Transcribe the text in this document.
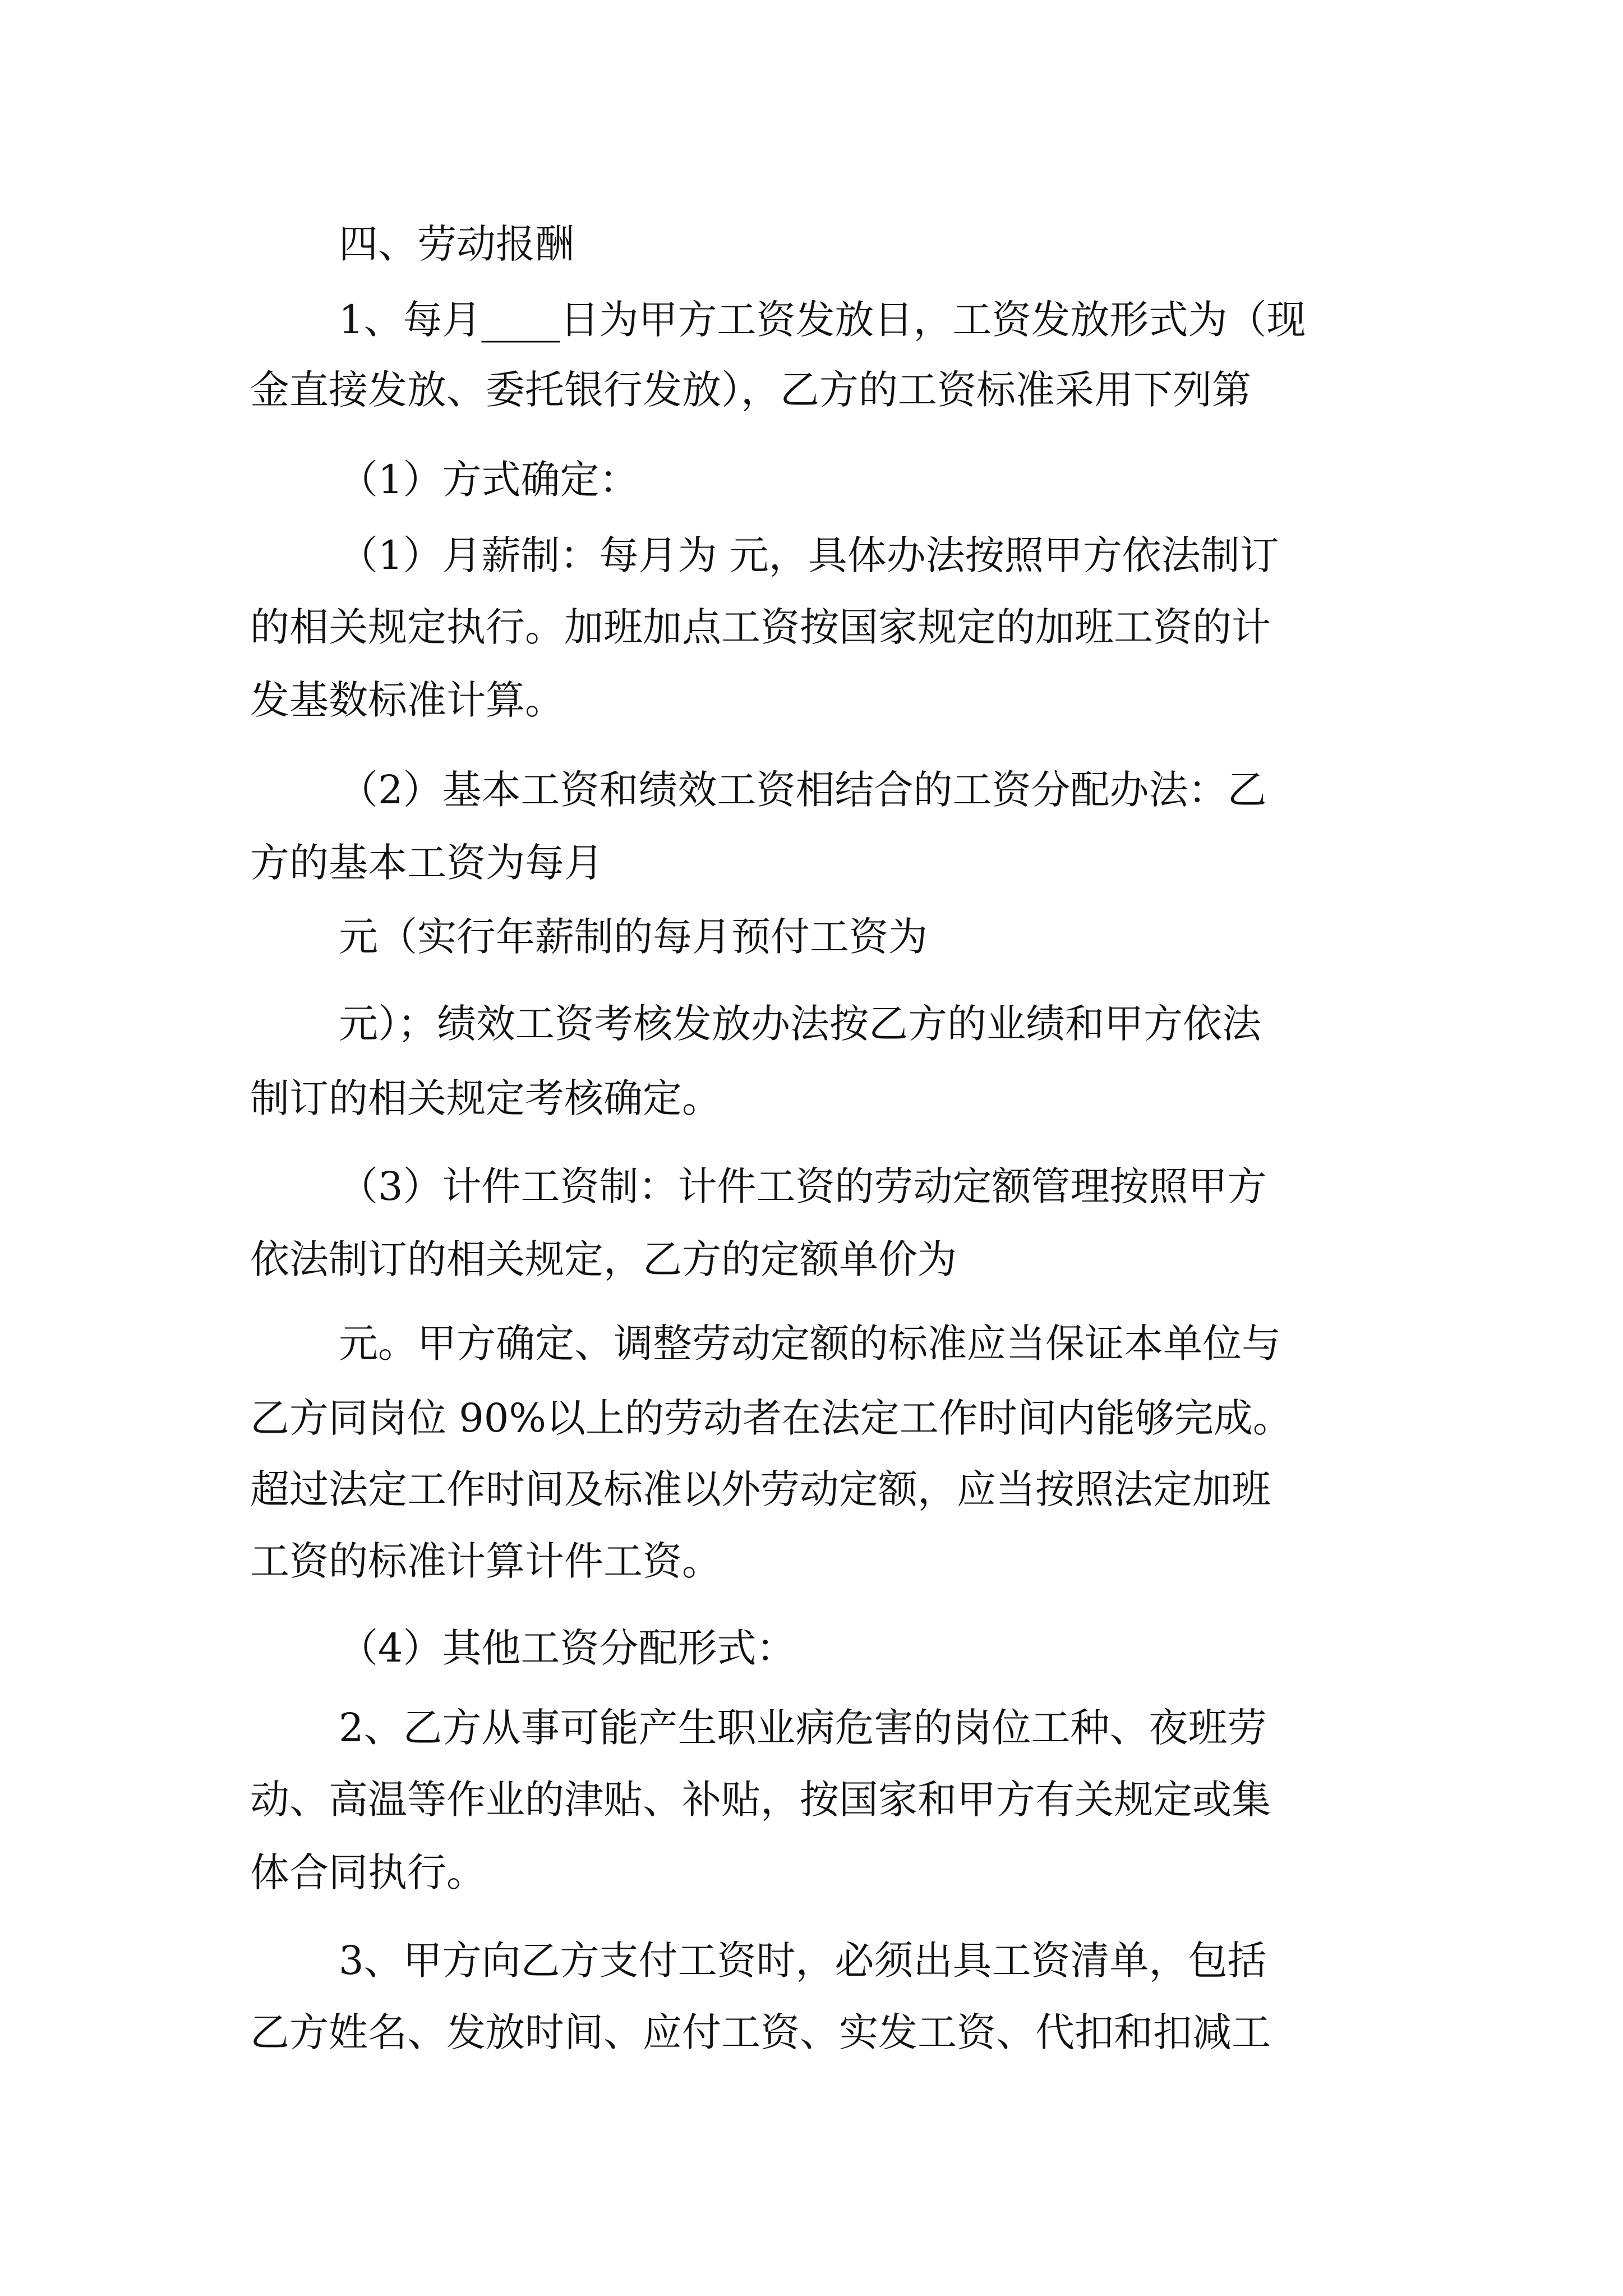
四、劳动报酬
1、每月____日为甲方工资发放日，工资发放形式为（现
金直接发放、委托银行发放），乙方的工资标准采用下列第
（1）方式确定：
（1）月薪制：每月为 元，具体办法按照甲方依法制订
的相关规定执行。加班加点工资按国家规定的加班工资的计
发基数标准计算。
（2）基本工资和绩效工资相结合的工资分配办法：乙
方的基本工资为每月
元（实行年薪制的每月预付工资为
元）；绩效工资考核发放办法按乙方的业绩和甲方依法
制订的相关规定考核确定。
（3）计件工资制：计件工资的劳动定额管理按照甲方
依法制订的相关规定，乙方的定额单价为
元。甲方确定、调整劳动定额的标准应当保证本单位与
乙方同岗位 90%以上的劳动者在法定工作时间内能够完成。
超过法定工作时间及标准以外劳动定额，应当按照法定加班
工资的标准计算计件工资。
（4）其他工资分配形式：
2、乙方从事可能产生职业病危害的岗位工种、夜班劳
动、高温等作业的津贴、补贴，按国家和甲方有关规定或集
体合同执行。
3、甲方向乙方支付工资时，必须出具工资清单，包括
乙方姓名、发放时间、应付工资、实发工资、代扣和扣减工
